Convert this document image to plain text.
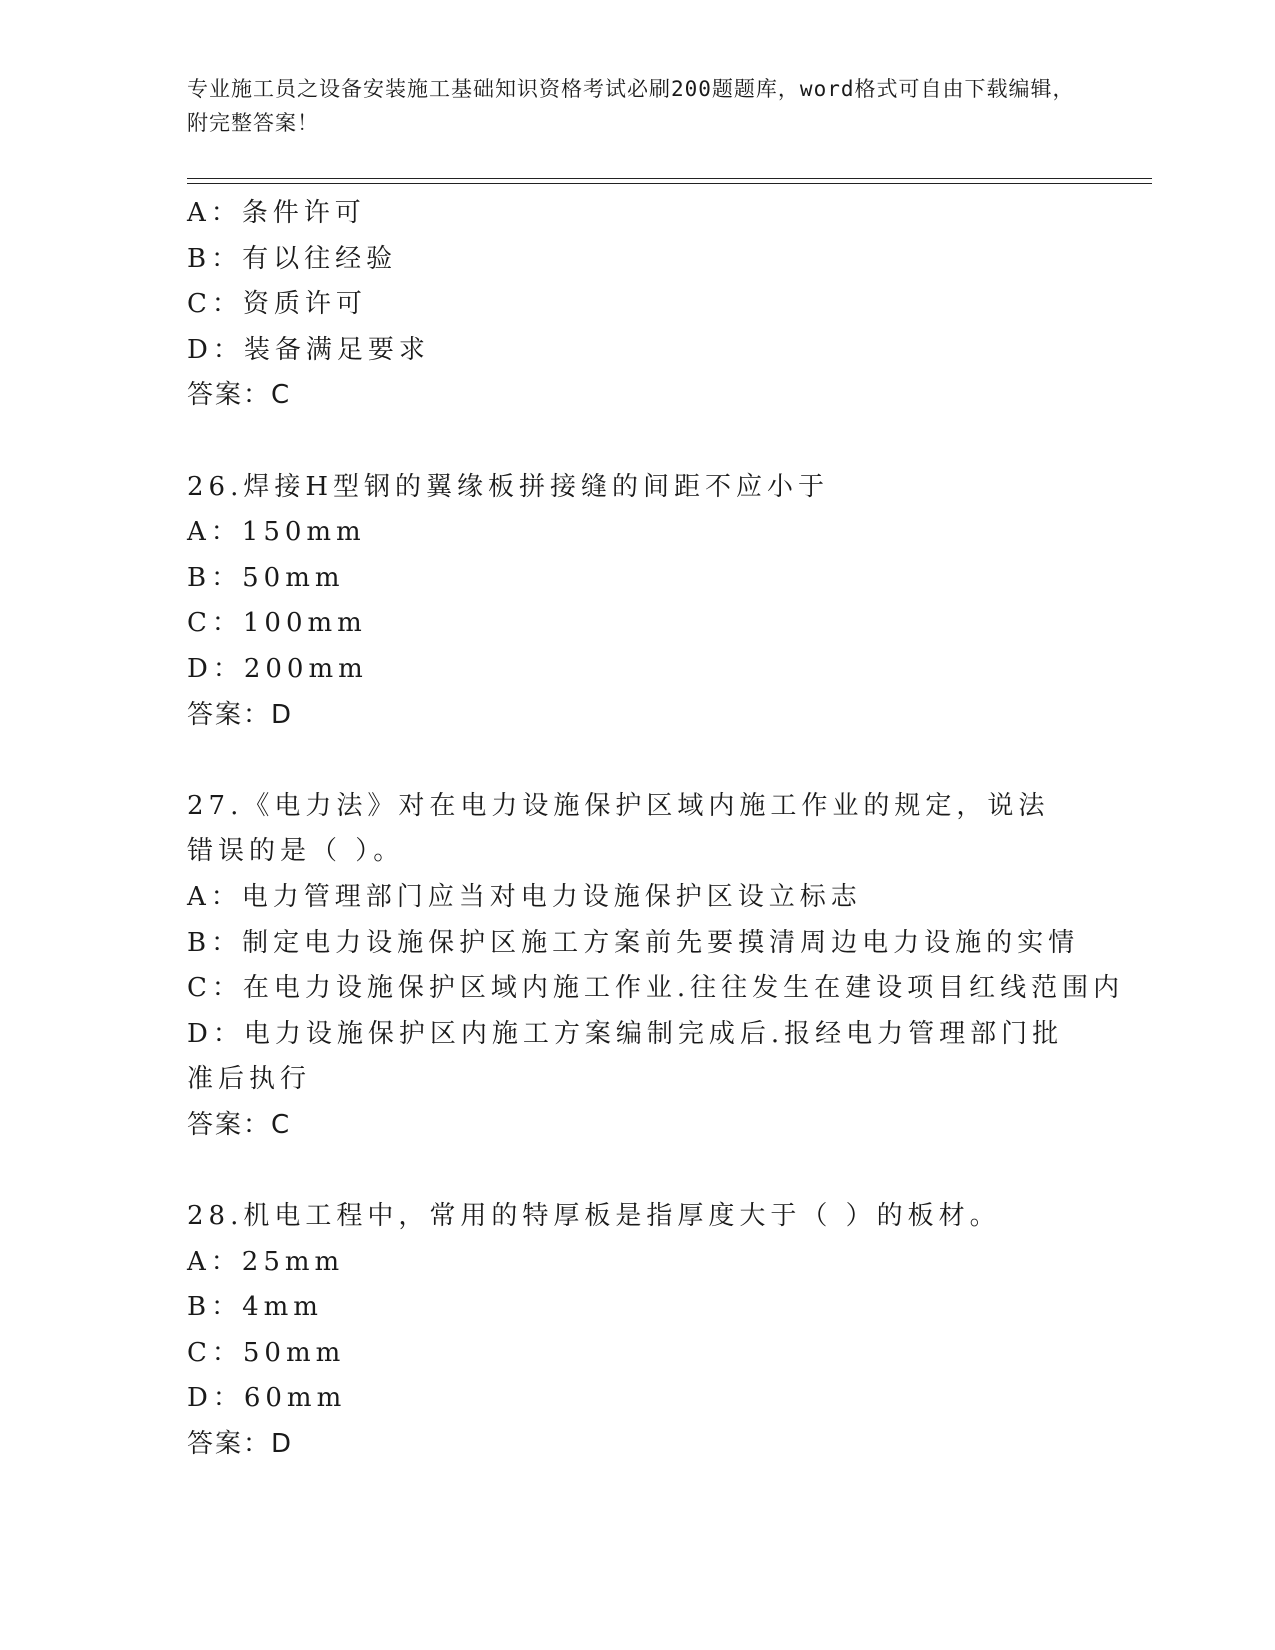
专业施工员之设备安装施工基础知识资格考试必刷200题题库，word格式可自由下载编辑，附完整答案！
A：条件许可
B：有以往经验
C：资质许可
D：装备满足要求
答案：C
26.焊接H型钢的翼缘板拼接缝的间距不应小于
A：150mm
B：50mm
C：100mm
D：200mm
答案：D
27.《电力法》对在电力设施保护区域内施工作业的规定，说法错误的是（ ）。
A：电力管理部门应当对电力设施保护区设立标志
B：制定电力设施保护区施工方案前先要摸清周边电力设施的实情
C：在电力设施保护区域内施工作业.往往发生在建设项目红线范围内
D：电力设施保护区内施工方案编制完成后.报经电力管理部门批准后执行
答案：C
28.机电工程中，常用的特厚板是指厚度大于（ ）的板材。
A：25mm
B：4mm
C：50mm
D：60mm
答案：D
